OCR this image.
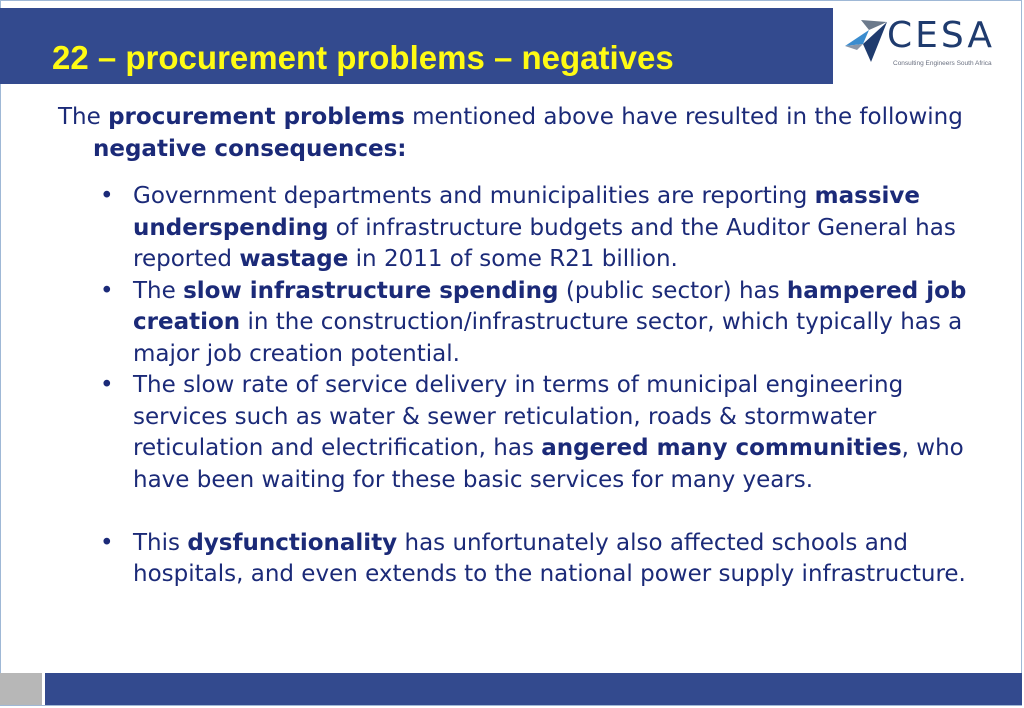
22 – procurement problems – negatives
CESA
Consulting Engineers South Africa
The procurement problems mentioned above have resulted in the following negative consequences:
• Government departments and municipalities are reporting massive underspending of infrastructure budgets and the Auditor General has reported wastage in 2011 of some R21 billion.
• The slow infrastructure spending (public sector) has hampered job creation in the construction/infrastructure sector, which typically has a major job creation potential.
• The slow rate of service delivery in terms of municipal engineering services such as water & sewer reticulation, roads & stormwater reticulation and electrification, has angered many communities, who have been waiting for these basic services for many years.
• This dysfunctionality has unfortunately also affected schools and hospitals, and even extends to the national power supply infrastructure.
